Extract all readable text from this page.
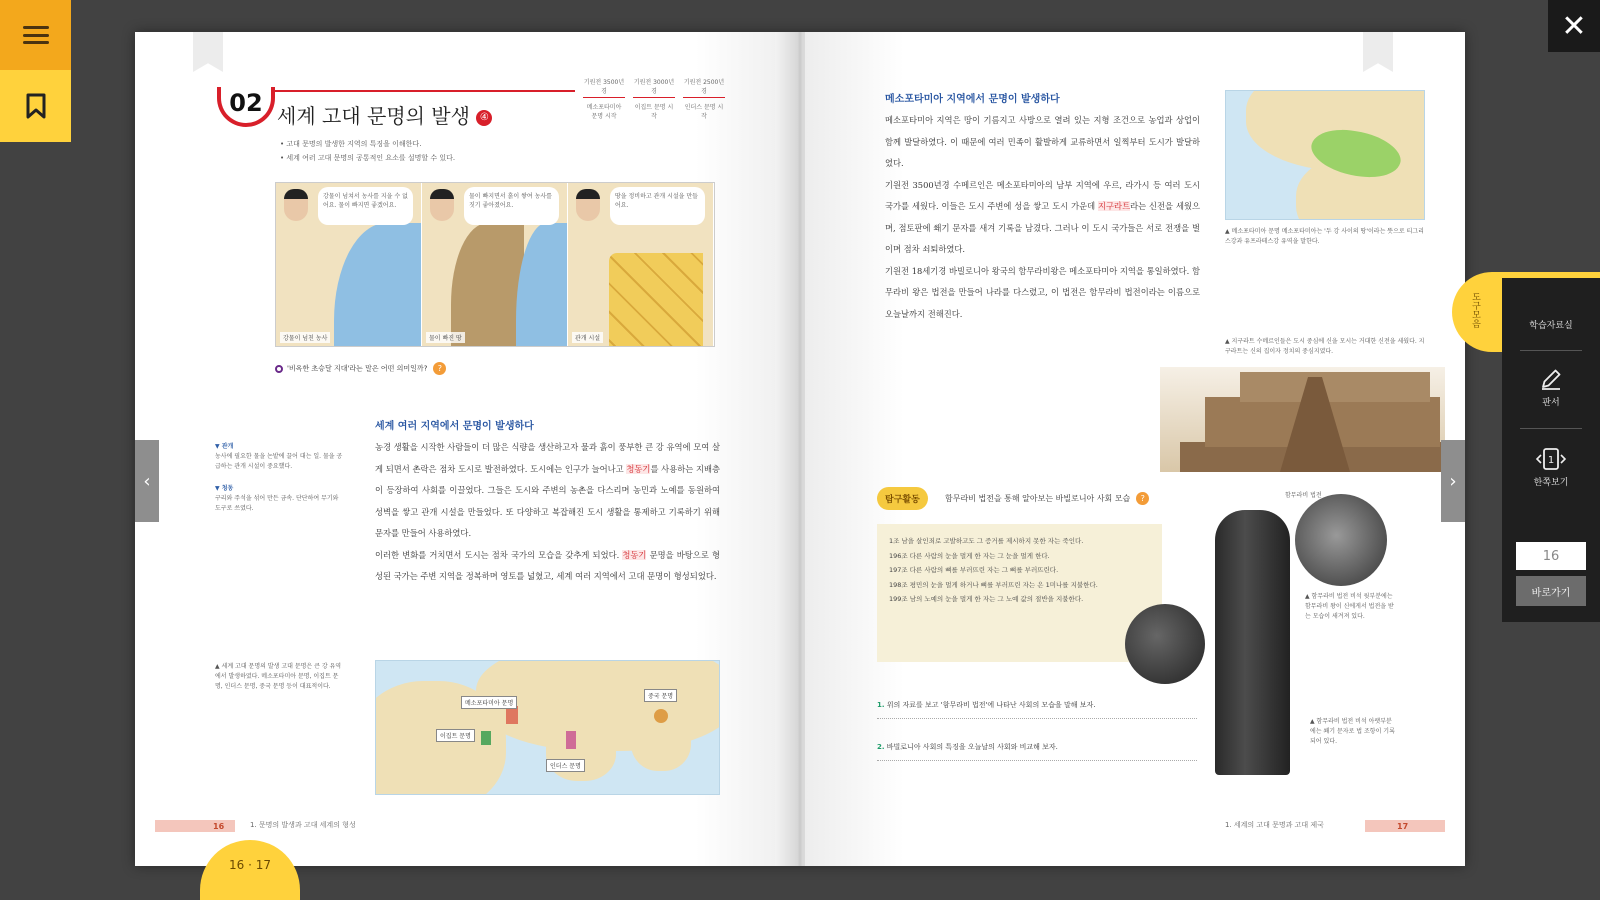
✕
02 세계 고대 문명의 발생 ④
기원전 3500년경
메소포타미아 문명 시작
기원전 3000년경
이집트 문명 시작
기원전 2500년경
인더스 문명 시작
• 고대 문명의 발생한 지역의 특징을 이해한다.
• 세계 여러 고대 문명의 공통적인 요소를 설명할 수 있다.
강물이 넘쳐서 농사를 지을 수 없어요. 물이 빠지면 좋겠어요.
강물이 넘친 농사
물이 빠지면서 흙이 쌓여 농사를 짓기 좋아졌어요.
물이 빠진 땅
땅을 정비하고 관개 시설을 만들어요.
관개 시설
'비옥한 초승달 지대'라는 말은 어떤 의미일까? ?
▼ 관개
농사에 필요한 물을 논밭에 끌어 대는 일. 물을 공급하는 관개 시설이 중요했다.
▼ 청동
구리와 주석을 섞어 만든 금속. 단단하여 무기와 도구로 쓰였다.
세계 여러 지역에서 문명이 발생하다

농경 생활을 시작한 사람들이 더 많은 식량을 생산하고자 물과 흙이 풍부한 큰 강 유역에 모여 살게 되면서 촌락은 점차 도시로 발전하였다. 도시에는 인구가 늘어나고 청동기를 사용하는 지배층이 등장하여 사회를 이끌었다. 그들은 도시와 주변의 농촌을 다스리며 농민과 노예를 동원하여 성벽을 쌓고 관개 시설을 만들었다. 또 다양하고 복잡해진 도시 생활을 통제하고 기록하기 위해 문자를 만들어 사용하였다.

이러한 변화를 거치면서 도시는 점차 국가의 모습을 갖추게 되었다. 청동기 문명을 바탕으로 형성된 국가는 주변 지역을 정복하며 영토를 넓혔고, 세계 여러 지역에서 고대 문명이 형성되었다.

▲ 세계 고대 문명의 발생 고대 문명은 큰 강 유역에서 발생하였다. 메소포타미아 문명, 이집트 문명, 인더스 문명, 중국 문명 등이 대표적이다.
메소포타미아 문명
이집트 문명
인더스 문명
중국 문명
16	1. 문명의 발생과 고대 세계의 형성
메소포타미아 지역에서 문명이 발생하다

메소포타미아 지역은 땅이 기름지고 사방으로 열려 있는 지형 조건으로 농업과 상업이 함께 발달하였다. 이 때문에 여러 민족이 활발하게 교류하면서 일찍부터 도시가 발달하였다.

기원전 3500년경 수메르인은 메소포타미아의 남부 지역에 우르, 라가시 등 여러 도시 국가를 세웠다. 이들은 도시 주변에 성을 쌓고 도시 가운데 지구라트라는 신전을 세웠으며, 점토판에 쐐기 문자를 새겨 기록을 남겼다. 그러나 이 도시 국가들은 서로 전쟁을 벌이며 점차 쇠퇴하였다.

기원전 18세기경 바빌로니아 왕국의 함무라비왕은 메소포타미아 지역을 통일하였다. 함무라비 왕은 법전을 만들어 나라를 다스렸고, 이 법전은 함무라비 법전이라는 이름으로 오늘날까지 전해진다.

▲ 메소포타미아 문명 메소포타미아는 '두 강 사이의 땅'이라는 뜻으로 티그리스강과 유프라테스강 유역을 말한다.
▲ 지구라트 수메르인들은 도시 중심에 신을 모시는 거대한 신전을 세웠다. 지구라트는 신의 집이자 정치의 중심지였다.
탐구활동	함무라비 법전을 통해 알아보는 바빌로니아 사회 모습 ?
1조 남을 살인죄로 고발하고도 그 증거를 제시하지 못한 자는 죽인다.
196조 다른 사람의 눈을 멀게 한 자는 그 눈을 멀게 한다.
197조 다른 사람의 뼈를 부러뜨린 자는 그 뼈를 부러뜨린다.
198조 평민의 눈을 멀게 하거나 뼈를 부러뜨린 자는 은 1미나를 지불한다.
199조 남의 노예의 눈을 멀게 한 자는 그 노예 값의 절반을 지불한다.
함무라비 법전
▲ 함무라비 법전 비석 윗부분에는 함무라비 왕이 신에게서 법전을 받는 모습이 새겨져 있다.
▲ 함무라비 법전 비석 아랫부분에는 쐐기 문자로 법 조항이 기록되어 있다.
1. 위의 자료를 보고 '함무라비 법전'에 나타난 사회의 모습을 말해 보자.
2. 바빌로니아 사회의 특징을 오늘날의 사회와 비교해 보자.
1. 세계의 고대 문명과 고대 제국	17
‹	›
16 · 17
도구모음	학습자료실
판서
1
한쪽보기
16
바로가기
